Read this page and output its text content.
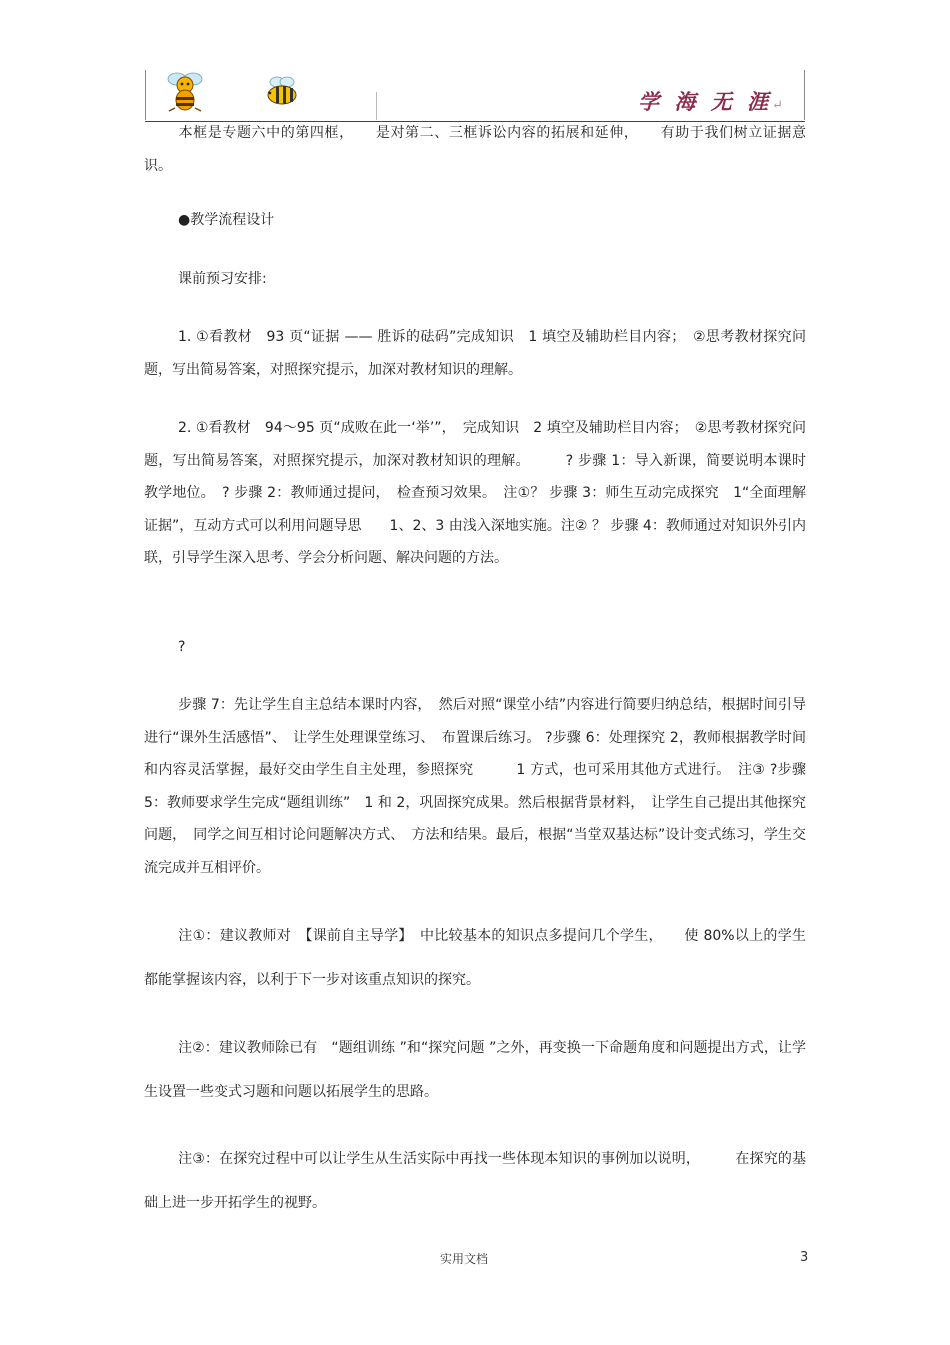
学 海 无 涯↵
本框是专题六中的第四框，　　是对第二、三框诉讼内容的拓展和延伸，　　有助于我们树立证据意识。
●教学流程设计
课前预习安排:
1. ①看教材　93 页“证据 —— 胜诉的砝码”完成知识　1 填空及辅助栏目内容；　②思考教材探究问题，写出简易答案，对照探究提示，加深对教材知识的理解。
2. ①看教材　94～95 页“成败在此一‘举’”，　完成知识　2 填空及辅助栏目内容；　②思考教材探究问题，写出简易答案，对照探究提示，加深对教材知识的理解。　　　? 步骤 1：导入新课，简要说明本课时教学地位。　? 步骤 2：教师通过提问，　检查预习效果。　注①？ 步骤 3：师生互动完成探究　1“全面理解证据”，互动方式可以利用问题导思　　1、2、3 由浅入深地实施。注② ？ 步骤 4：教师通过对知识外引内联，引导学生深入思考、学会分析问题、解决问题的方法。
?
步骤 7：先让学生自主总结本课时内容，　然后对照“课堂小结”内容进行简要归纳总结，根据时间引导进行“课外生活感悟”、　让学生处理课堂练习、　布置课后练习。 ?步骤 6：处理探究 2，教师根据教学时间和内容灵活掌握，最好交由学生自主处理，参照探究　　　1 方式，也可采用其他方式进行。　注③ ?步骤 5：教师要求学生完成“题组训练”　1 和 2，巩固探究成果。然后根据背景材料，　让学生自己提出其他探究问题，　同学之间互相讨论问题解决方式、　方法和结果。最后，根据“当堂双基达标”设计变式练习，学生交流完成并互相评价。
注①：建议教师对　【课前自主导学】　中比较基本的知识点多提问几个学生，　　使 80%以上的学生都能掌握该内容，以利于下一步对该重点知识的探究。
注②：建议教师除已有　“题组训练 ”和“探究问题 ”之外，再变换一下命题角度和问题提出方式，让学生设置一些变式习题和问题以拓展学生的思路。
注③：在探究过程中可以让学生从生活实际中再找一些体现本知识的事例加以说明，　　　在探究的基础上进一步开拓学生的视野。
实用文档	3
